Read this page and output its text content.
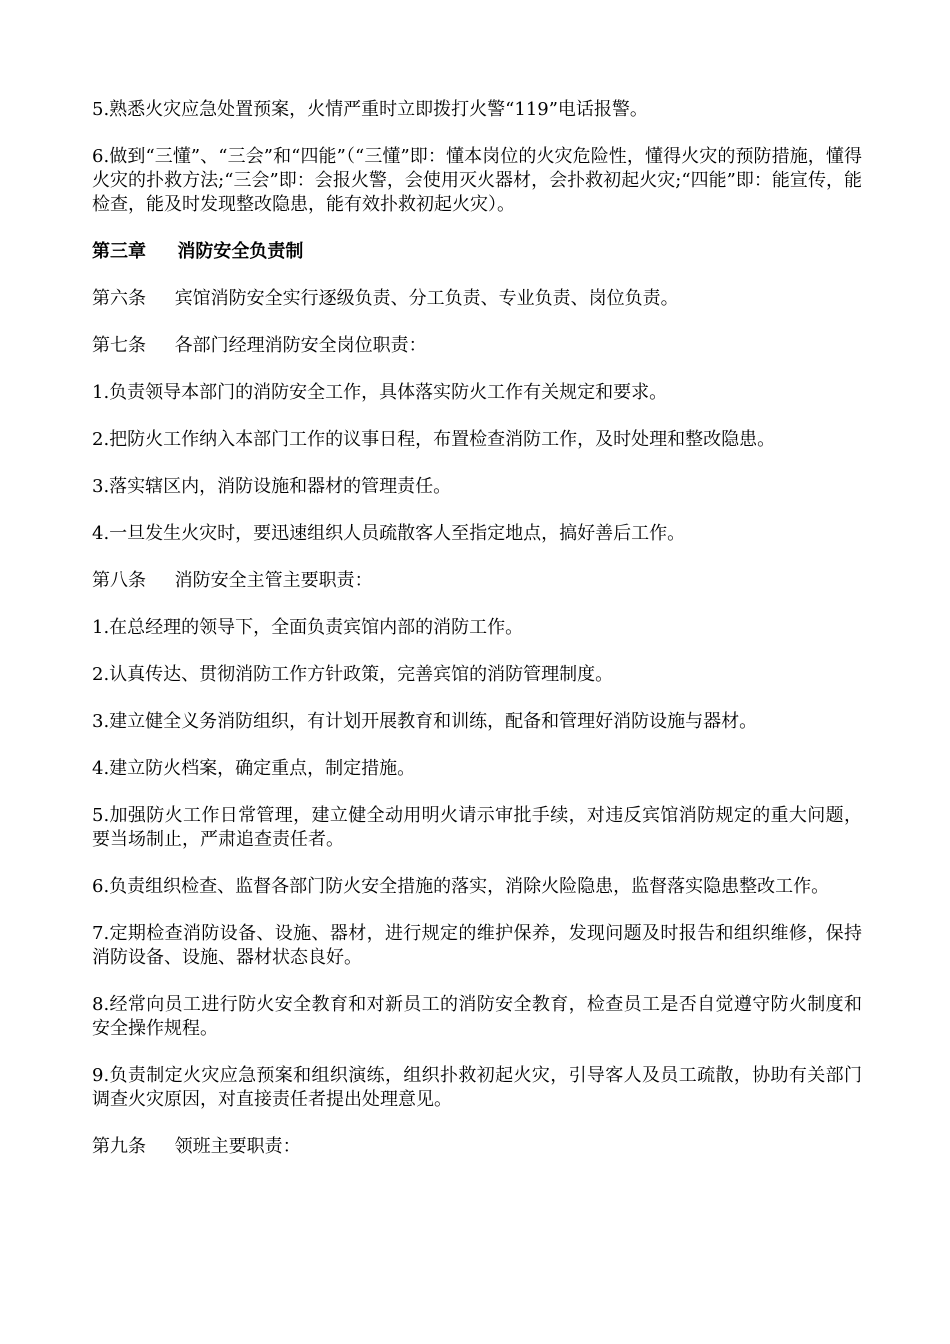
5.熟悉火灾应急处置预案，火情严重时立即拨打火警“119”电话报警。

6.做到“三懂”、“三会”和“四能”（“三懂”即：懂本岗位的火灾危险性，懂得火灾的预防措施，懂得火灾的扑救方法;“三会”即：会报火警，会使用灭火器材，会扑救初起火灾;“四能”即：能宣传，能检查，能及时发现整改隐患，能有效扑救初起火灾）。

第三章     消防安全负责制

第六条     宾馆消防安全实行逐级负责、分工负责、专业负责、岗位负责。

第七条     各部门经理消防安全岗位职责：

1.负责领导本部门的消防安全工作，具体落实防火工作有关规定和要求。

2.把防火工作纳入本部门工作的议事日程，布置检查消防工作，及时处理和整改隐患。

3.落实辖区内，消防设施和器材的管理责任。

4.一旦发生火灾时，要迅速组织人员疏散客人至指定地点，搞好善后工作。

第八条     消防安全主管主要职责：

1.在总经理的领导下，全面负责宾馆内部的消防工作。

2.认真传达、贯彻消防工作方针政策，完善宾馆的消防管理制度。

3.建立健全义务消防组织，有计划开展教育和训练，配备和管理好消防设施与器材。

4.建立防火档案，确定重点，制定措施。

5.加强防火工作日常管理，建立健全动用明火请示审批手续，对违反宾馆消防规定的重大问题，要当场制止，严肃追查责任者。

6.负责组织检查、监督各部门防火安全措施的落实，消除火险隐患，监督落实隐患整改工作。

7.定期检查消防设备、设施、器材，进行规定的维护保养，发现问题及时报告和组织维修，保持消防设备、设施、器材状态良好。

8.经常向员工进行防火安全教育和对新员工的消防安全教育，检查员工是否自觉遵守防火制度和安全操作规程。

9.负责制定火灾应急预案和组织演练，组织扑救初起火灾，引导客人及员工疏散，协助有关部门调查火灾原因，对直接责任者提出处理意见。

第九条     领班主要职责：
